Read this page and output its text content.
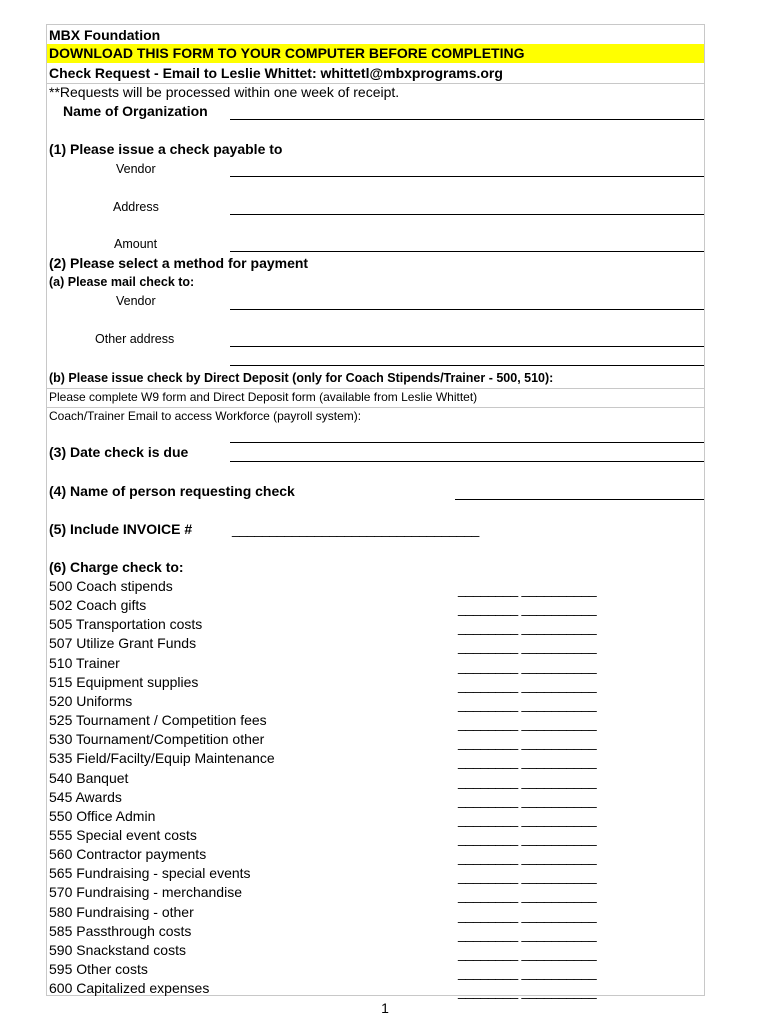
MBX Foundation
DOWNLOAD THIS FORM TO YOUR COMPUTER BEFORE COMPLETING
Check Request - Email to Leslie Whittet: whittetl@mbxprograms.org
**Requests will be processed within one week of receipt.
Name of Organization
(1) Please issue a check payable to
Vendor
Address
Amount
(2) Please select a method for payment
(a) Please mail check to:
Vendor
Other address
(b) Please issue check by Direct Deposit (only for Coach Stipends/Trainer - 500, 510):
Please complete W9 form and Direct Deposit form (available from Leslie Whittet)
Coach/Trainer Email to access Workforce (payroll system):
(3) Date check is due
(4) Name of person requesting check
(5) Include INVOICE #	_________________________________
(6) Charge check to:
500 Coach stipends	________ __________
502 Coach gifts	________ __________
505 Transportation costs	________ __________
507 Utilize Grant Funds	________ __________
510 Trainer	________ __________
515 Equipment supplies	________ __________
520 Uniforms	________ __________
525 Tournament / Competition fees	________ __________
530 Tournament/Competition other	________ __________
535 Field/Facilty/Equip Maintenance	________ __________
540 Banquet	________ __________
545 Awards	________ __________
550 Office Admin	________ __________
555 Special event costs	________ __________
560 Contractor payments	________ __________
565 Fundraising - special events	________ __________
570 Fundraising - merchandise	________ __________
580 Fundraising - other	________ __________
585 Passthrough costs	________ __________
590 Snackstand costs	________ __________
595 Other costs	________ __________
600 Capitalized expenses	________ __________
1
